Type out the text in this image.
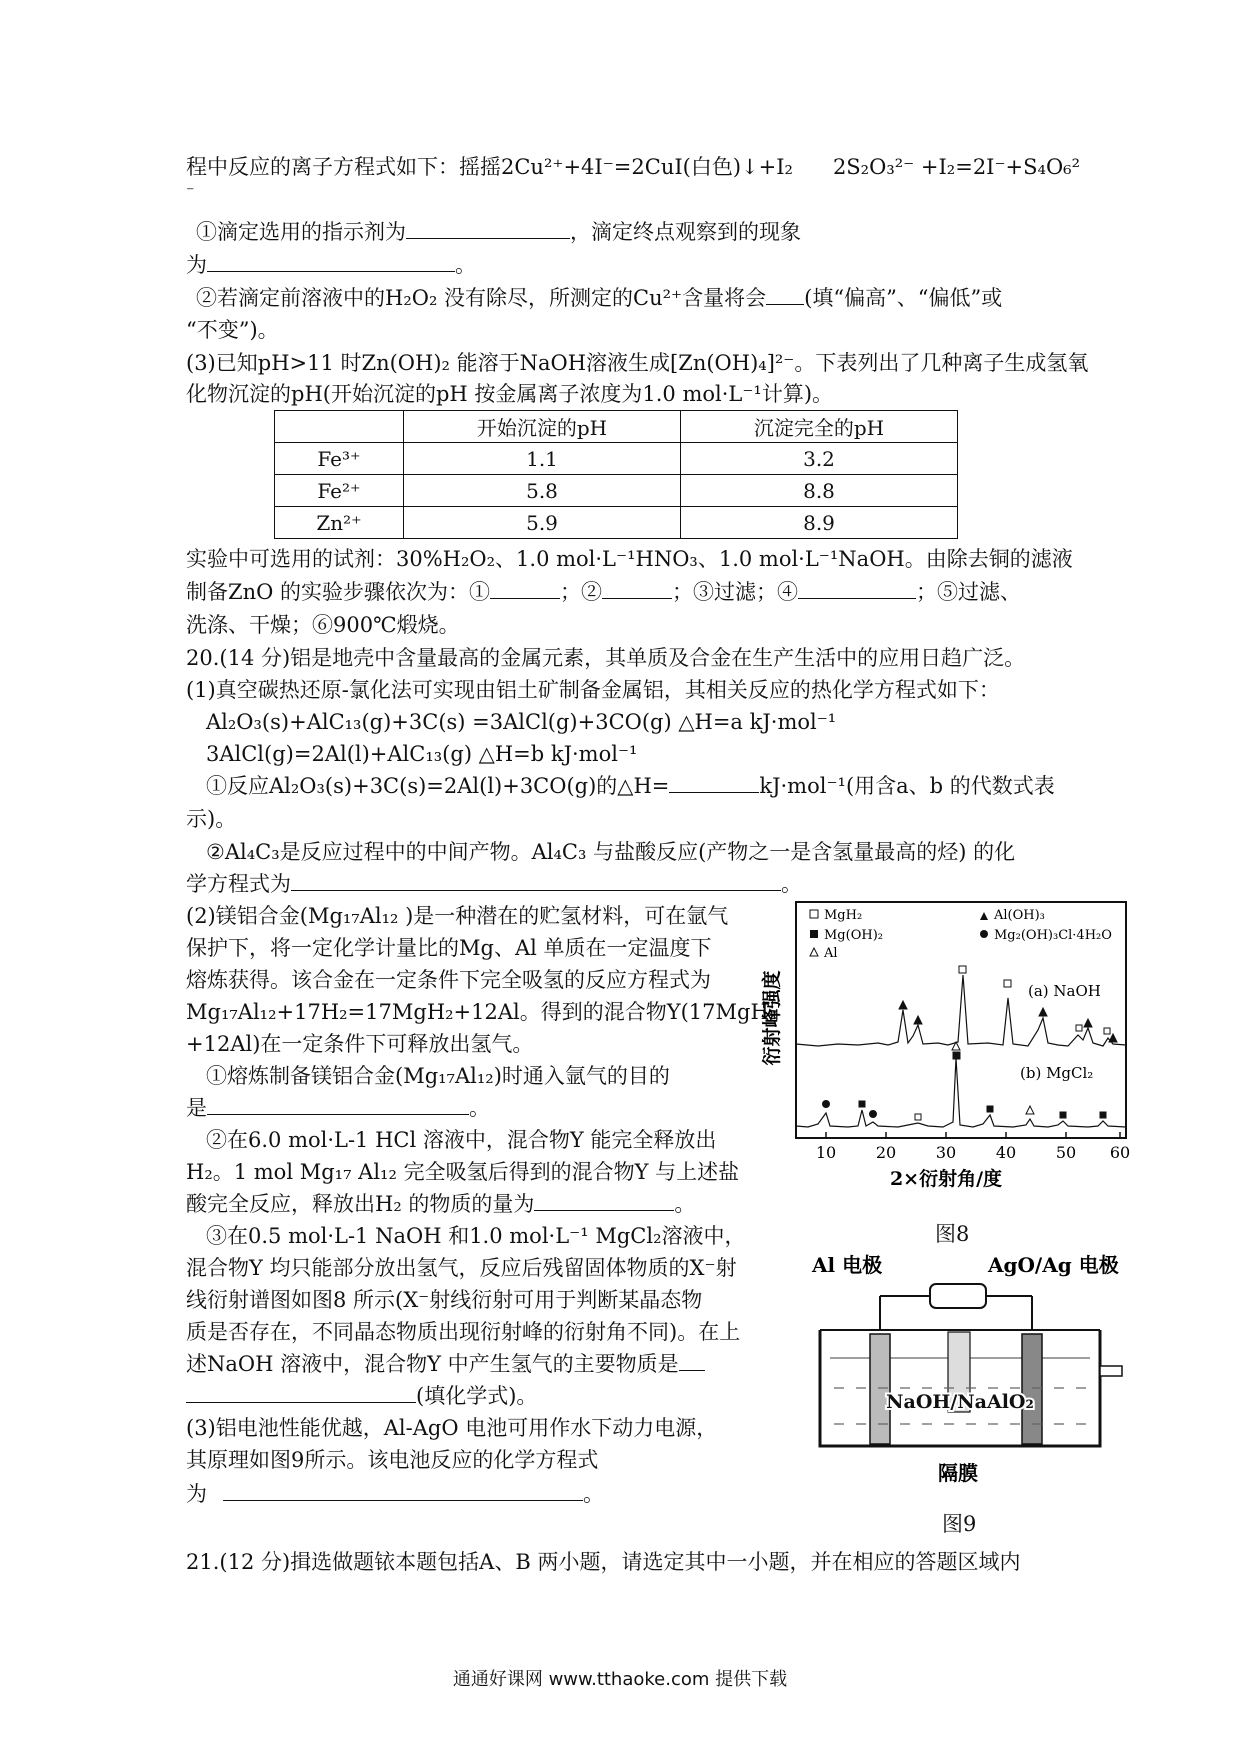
程中反应的离子方程式如下：摇摇2Cu²⁺+4I⁻=2CuI(白色)↓+I₂ 2S₂O₃²⁻ +I₂=2I⁻+S₄O₆²
⁻
①滴定选用的指示剂为	，滴定终点观察到的现象
为	。
②若滴定前溶液中的H₂O₂ 没有除尽，所测定的Cu²⁺含量将会 (填“偏高”、“偏低”或
“不变”)。
(3)已知pH>11 时Zn(OH)₂ 能溶于NaOH溶液生成[Zn(OH)₄]²⁻。下表列出了几种离子生成氢氧
化物沉淀的pH(开始沉淀的pH 按金属离子浓度为1.0 mol·L⁻¹计算)。
	开始沉淀的pH	沉淀完全的pH
Fe³⁺	1.1	3.2
Fe²⁺	5.8	8.8
Zn²⁺	5.9	8.9
实验中可选用的试剂：30%H₂O₂、1.0 mol·L⁻¹HNO₃、1.0 mol·L⁻¹NaOH。由除去铜的滤液
制备ZnO 的实验步骤依次为：①	；②	；③过滤；④	；⑤过滤、
洗涤、干燥；⑥900℃煅烧。
20.(14 分)铝是地壳中含量最高的金属元素，其单质及合金在生产生活中的应用日趋广泛。
(1)真空碳热还原-氯化法可实现由铝土矿制备金属铝，其相关反应的热化学方程式如下：
Al₂O₃(s)+AlC₁₃(g)+3C(s) =3AlCl(g)+3CO(g) △H=a kJ·mol⁻¹
3AlCl(g)=2Al(l)+AlC₁₃(g) △H=b kJ·mol⁻¹
①反应Al₂O₃(s)+3C(s)=2Al(l)+3CO(g)的△H=	kJ·mol⁻¹(用含a、b 的代数式表
示)。
②Al₄C₃是反应过程中的中间产物。Al₄C₃ 与盐酸反应(产物之一是含氢量最高的烃) 的化
学方程式为	。
(2)镁铝合金(Mg₁₇Al₁₂ )是一种潜在的贮氢材料，可在氩气
保护下，将一定化学计量比的Mg、Al 单质在一定温度下
熔炼获得。该合金在一定条件下完全吸氢的反应方程式为
Mg₁₇Al₁₂+17H₂=17MgH₂+12Al。得到的混合物Y(17MgH₂
+12Al)在一定条件下可释放出氢气。
①熔炼制备镁铝合金(Mg₁₇Al₁₂)时通入氩气的目的
是	。
②在6.0 mol·L-1 HCl 溶液中，混合物Y 能完全释放出
H₂。1 mol Mg₁₇ Al₁₂ 完全吸氢后得到的混合物Y 与上述盐
酸完全反应，释放出H₂ 的物质的量为	。
③在0.5 mol·L-1 NaOH 和1.0 mol·L⁻¹ MgCl₂溶液中，
混合物Y 均只能部分放出氢气，反应后残留固体物质的X⁻射
线衍射谱图如图8 所示(X⁻射线衍射可用于判断某晶态物
质是否存在，不同晶态物质出现衍射峰的衍射角不同)。在上
述NaOH 溶液中，混合物Y 中产生氢气的主要物质是
(填化学式)。
(3)铝电池性能优越，Al-AgO 电池可用作水下动力电源，
其原理如图9所示。该电池反应的化学方程式
为	。
21.(12 分)揖选做题铱本题包括A、B 两小题，请选定其中一小题，并在相应的答题区域内
MgH₂
Mg(OH)₂
Al
Al(OH)₃
Mg₂(OH)₃Cl·4H₂O
(a) NaOH
(b) MgCl₂
10 20 30 40 50 60
2×衍射角/度
衍射峰强度
图8
Al 电极	AgO/Ag 电极
NaOH/NaAlO₂
隔膜
图9
通通好课网 www.tthaoke.com 提供下载
